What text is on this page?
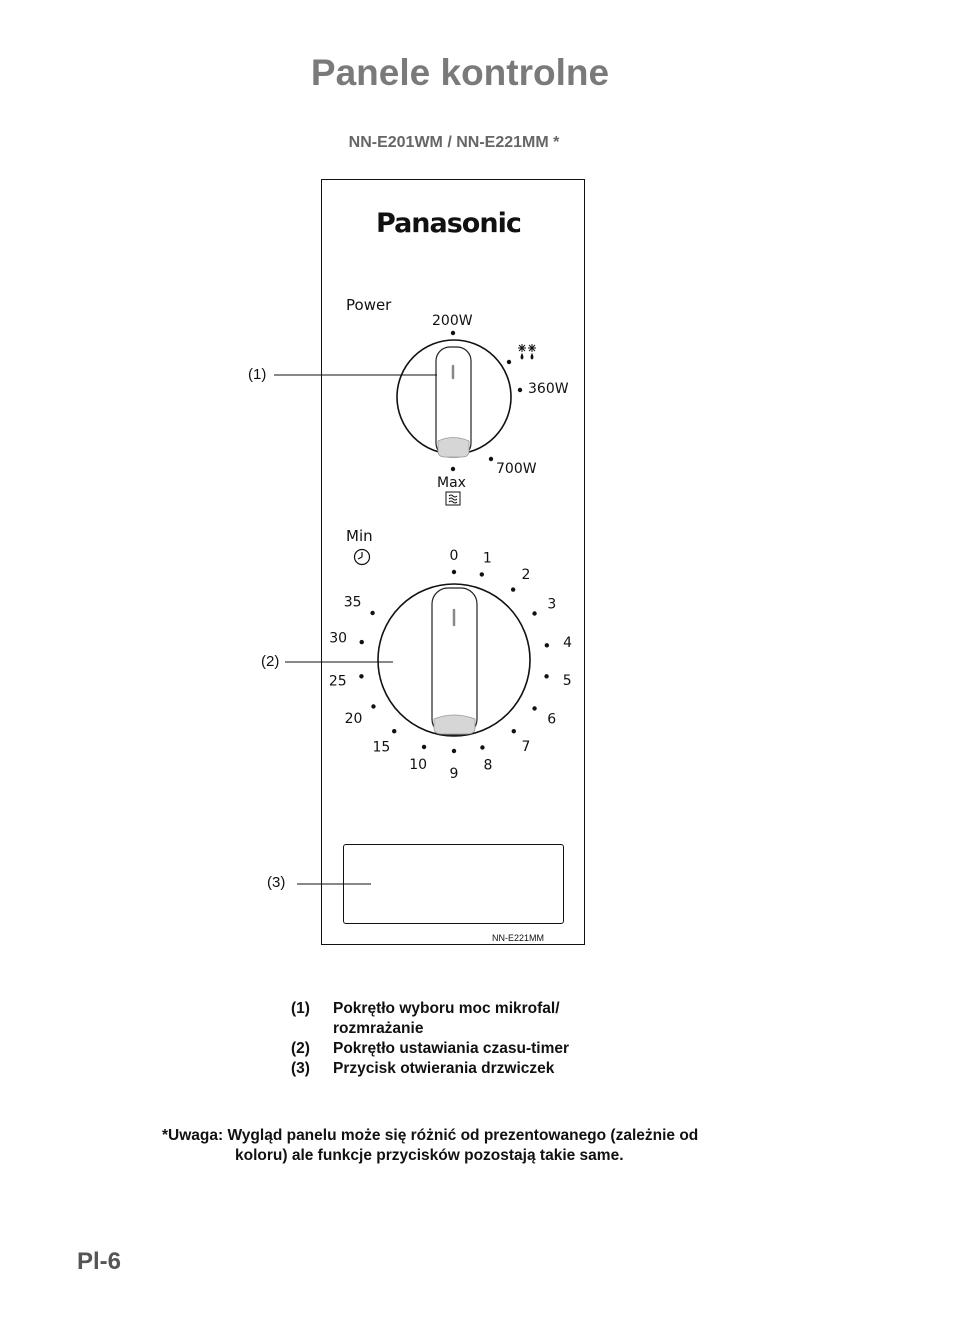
Panele kontrolne
NN-E201WM / NN-E221MM *
Panasonic
Power
200W
360W
700W
Max
Min
0 1
2
3
4
5
6
7
8
9
10
15
20
25
30
35
(1)
(2)
(3)
NN-E221MM
(1)	Pokrętło wyboru moc mikrofal/
rozmrażanie
(2)	Pokrętło ustawiania czasu-timer
(3)	Przycisk otwierania drzwiczek
*Uwaga: Wygląd panelu może się różnić od prezentowanego (zależnie od
koloru) ale funkcje przycisków pozostają takie same.
Pl-6
